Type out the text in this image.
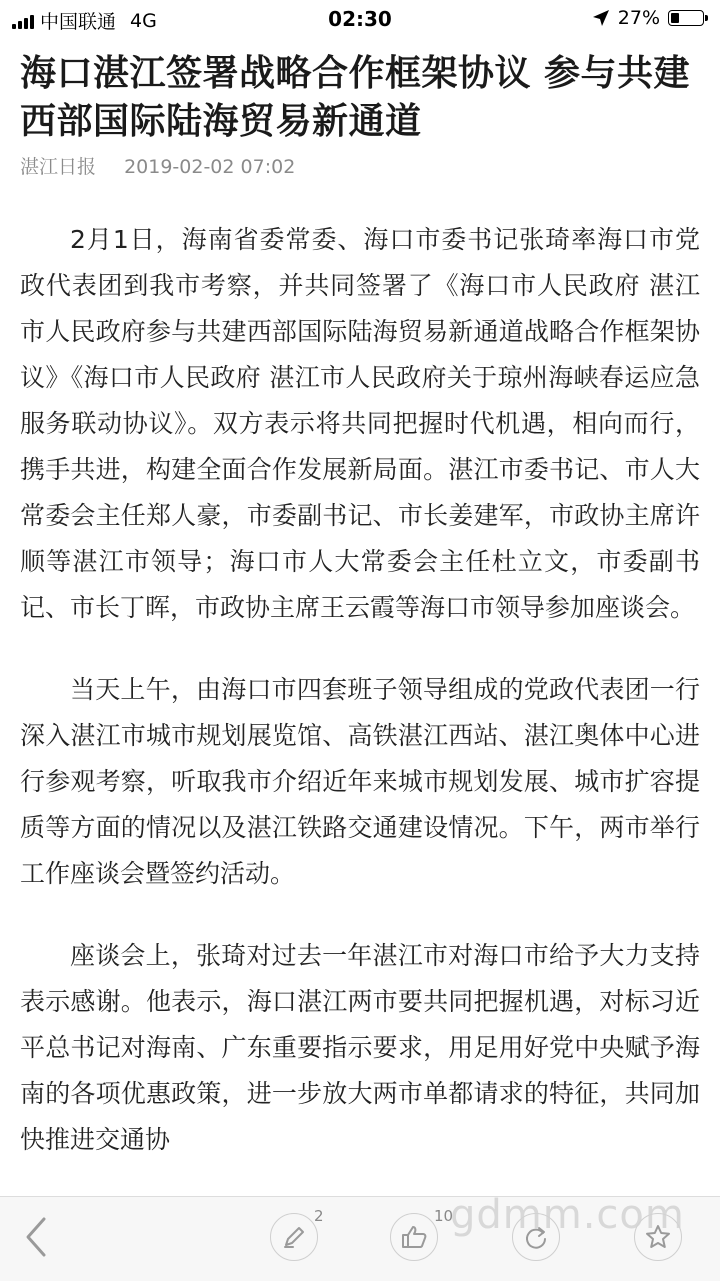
中国联通 4G	02:30	27%
海口湛江签署战略合作框架协议 参与共建西部国际陆海贸易新通道
湛江日报 2019-02-02 07:02

2月1日，海南省委常委、海口市委书记张琦率海口市党政代表团到我市考察，并共同签署了《海口市人民政府 湛江市人民政府参与共建西部国际陆海贸易新通道战略合作框架协议》《海口市人民政府 湛江市人民政府关于琼州海峡春运应急服务联动协议》。双方表示将共同把握时代机遇，相向而行，携手共进，构建全面合作发展新局面。湛江市委书记、市人大常委会主任郑人豪，市委副书记、市长姜建军，市政协主席许顺等湛江市领导；海口市人大常委会主任杜立文，市委副书记、市长丁晖，市政协主席王云霞等海口市领导参加座谈会。

当天上午，由海口市四套班子领导组成的党政代表团一行深入湛江市城市规划展览馆、高铁湛江西站、湛江奥体中心进行参观考察，听取我市介绍近年来城市规划发展、城市扩容提质等方面的情况以及湛江铁路交通建设情况。下午，两市举行工作座谈会暨签约活动。

座谈会上，张琦对过去一年湛江市对海口市给予大力支持表示感谢。他表示，海口湛江两市要共同把握机遇，对标习近平总书记对海南、广东重要指示要求，用足用好党中央赋予海南的各项优惠政策，进一步放大两市单都请求的特征，共同加快推进交通协

2	10
gdmm.com
